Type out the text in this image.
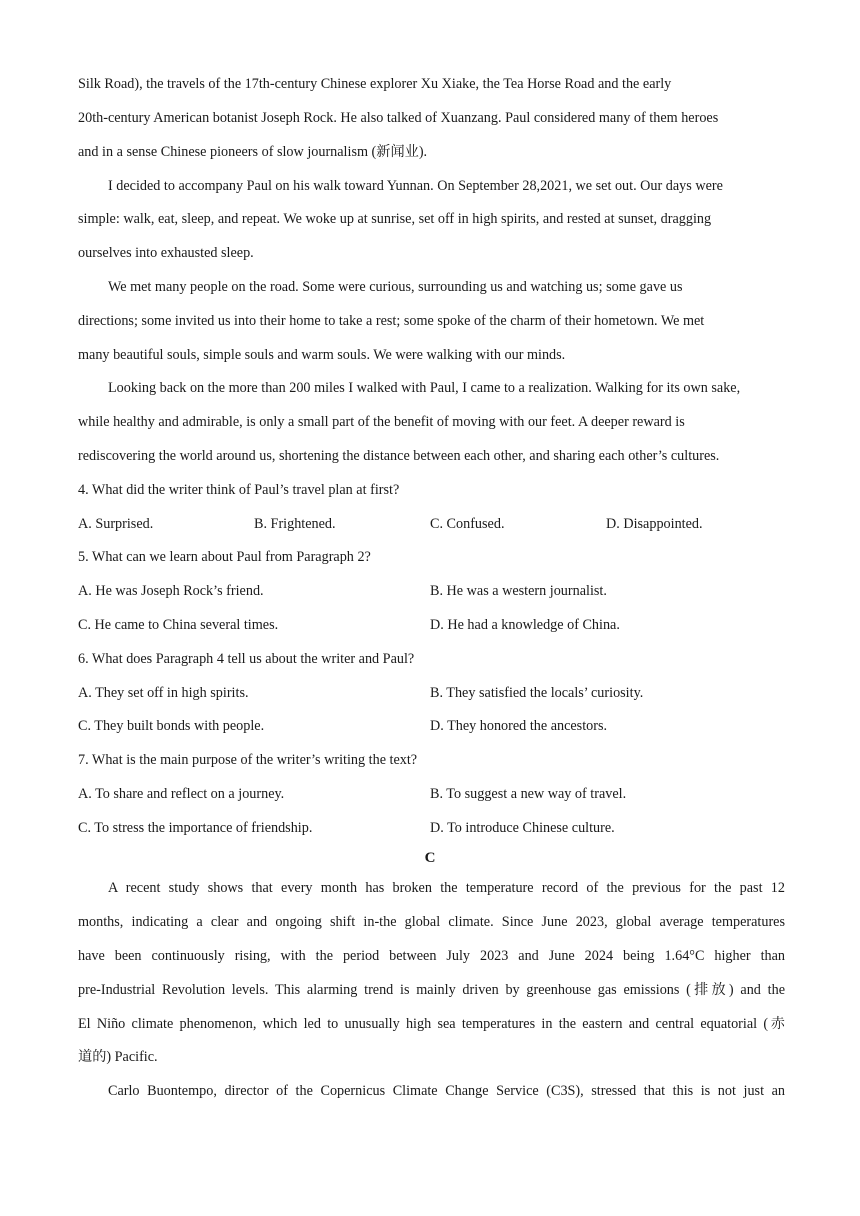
Silk Road), the travels of the 17th-century Chinese explorer Xu Xiake, the Tea Horse Road and the early
20th-century American botanist Joseph Rock. He also talked of Xuanzang. Paul considered many of them heroes
and in a sense Chinese pioneers of slow journalism (新闻业).
I decided to accompany Paul on his walk toward Yunnan. On September 28,2021, we set out. Our days were
simple: walk, eat, sleep, and repeat. We woke up at sunrise, set off in high spirits, and rested at sunset, dragging
ourselves into exhausted sleep.
We met many people on the road. Some were curious, surrounding us and watching us; some gave us
directions; some invited us into their home to take a rest; some spoke of the charm of their hometown. We met
many beautiful souls, simple souls and warm souls. We were walking with our minds.
Looking back on the more than 200 miles I walked with Paul, I came to a realization. Walking for its own sake,
while healthy and admirable, is only a small part of the benefit of moving with our feet. A deeper reward is
rediscovering the world around us, shortening the distance between each other, and sharing each other’s cultures.
4. What did the writer think of Paul’s travel plan at first?
A. Surprised.	B. Frightened.	C. Confused.	D. Disappointed.
5. What can we learn about Paul from Paragraph 2?
A. He was Joseph Rock’s friend.	B. He was a western journalist.
C. He came to China several times.	D. He had a knowledge of China.
6. What does Paragraph 4 tell us about the writer and Paul?
A. They set off in high spirits.	B. They satisfied the locals’ curiosity.
C. They built bonds with people.	D. They honored the ancestors.
7. What is the main purpose of the writer’s writing the text?
A. To share and reflect on a journey.	B. To suggest a new way of travel.
C. To stress the importance of friendship.	D. To introduce Chinese culture.
C
A recent study shows that every month has broken the temperature record of the previous for the past 12
months, indicating a clear and ongoing shift in-the global climate. Since June 2023, global average temperatures
have been continuously rising, with the period between July 2023 and June 2024 being 1.64°C higher than
pre-Industrial Revolution levels. This alarming trend is mainly driven by greenhouse gas emissions (排放) and the
El Niño climate phenomenon, which led to unusually high sea temperatures in the eastern and central equatorial (赤
道的) Pacific.
Carlo Buontempo, director of the Copernicus Climate Change Service (C3S), stressed that this is not just an
